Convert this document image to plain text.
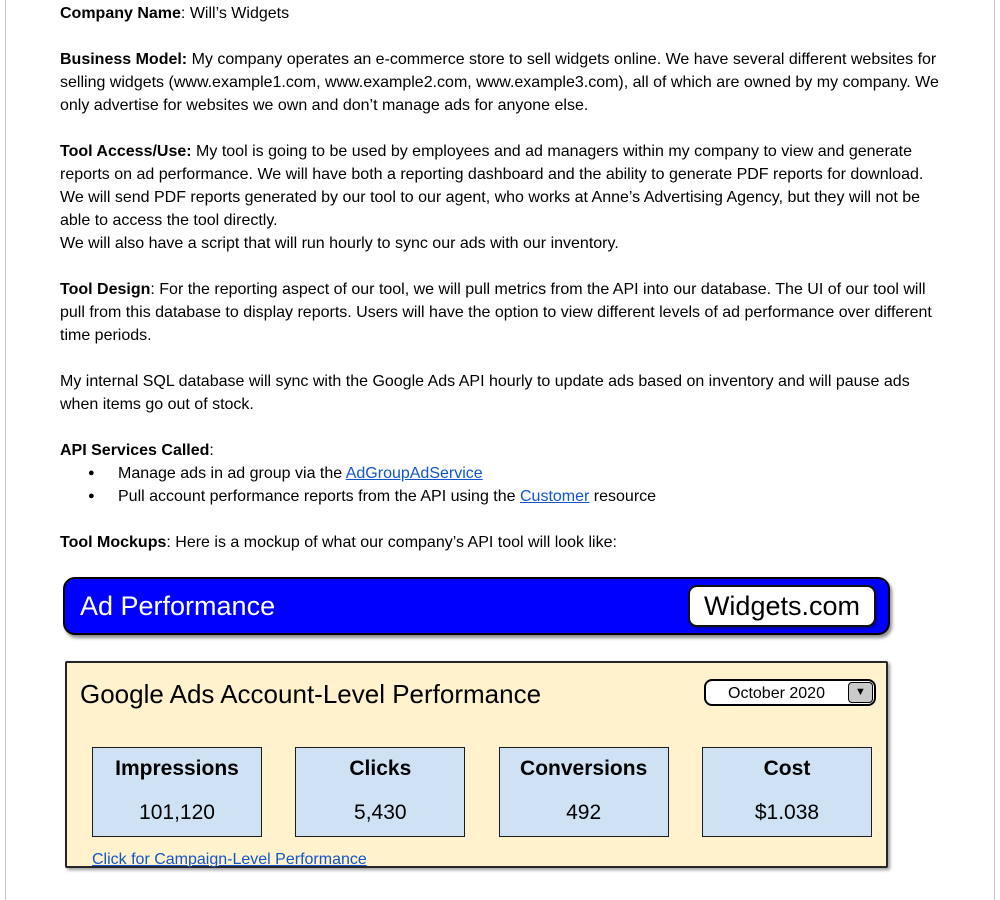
Company Name: Will’s Widgets

Business Model: My company operates an e-commerce store to sell widgets online. We have several different websites for selling widgets (www.example1.com, www.example2.com, www.example3.com), all of which are owned by my company. We only advertise for websites we own and don’t manage ads for anyone else.

Tool Access/Use: My tool is going to be used by employees and ad managers within my company to view and generate reports on ad performance. We will have both a reporting dashboard and the ability to generate PDF reports for download. We will send PDF reports generated by our tool to our agent, who works at Anne’s Advertising Agency, but they will not be able to access the tool directly.
We will also have a script that will run hourly to sync our ads with our inventory.

Tool Design: For the reporting aspect of our tool, we will pull metrics from the API into our database. The UI of our tool will pull from this database to display reports. Users will have the option to view different levels of ad performance over different time periods.

My internal SQL database will sync with the Google Ads API hourly to update ads based on inventory and will pause ads when items go out of stock.

API Services Called:

● Manage ads in ad group via the AdGroupAdService
● Pull account performance reports from the API using the Customer resource

Tool Mockups: Here is a mockup of what our company’s API tool will look like:

Ad Performance	Widgets.com
Google Ads Account-Level Performance	October 2020	▼
Impressions
101,120
Clicks
5,430
Conversions
492
Cost
$1.038
Click for Campaign-Level Performance
